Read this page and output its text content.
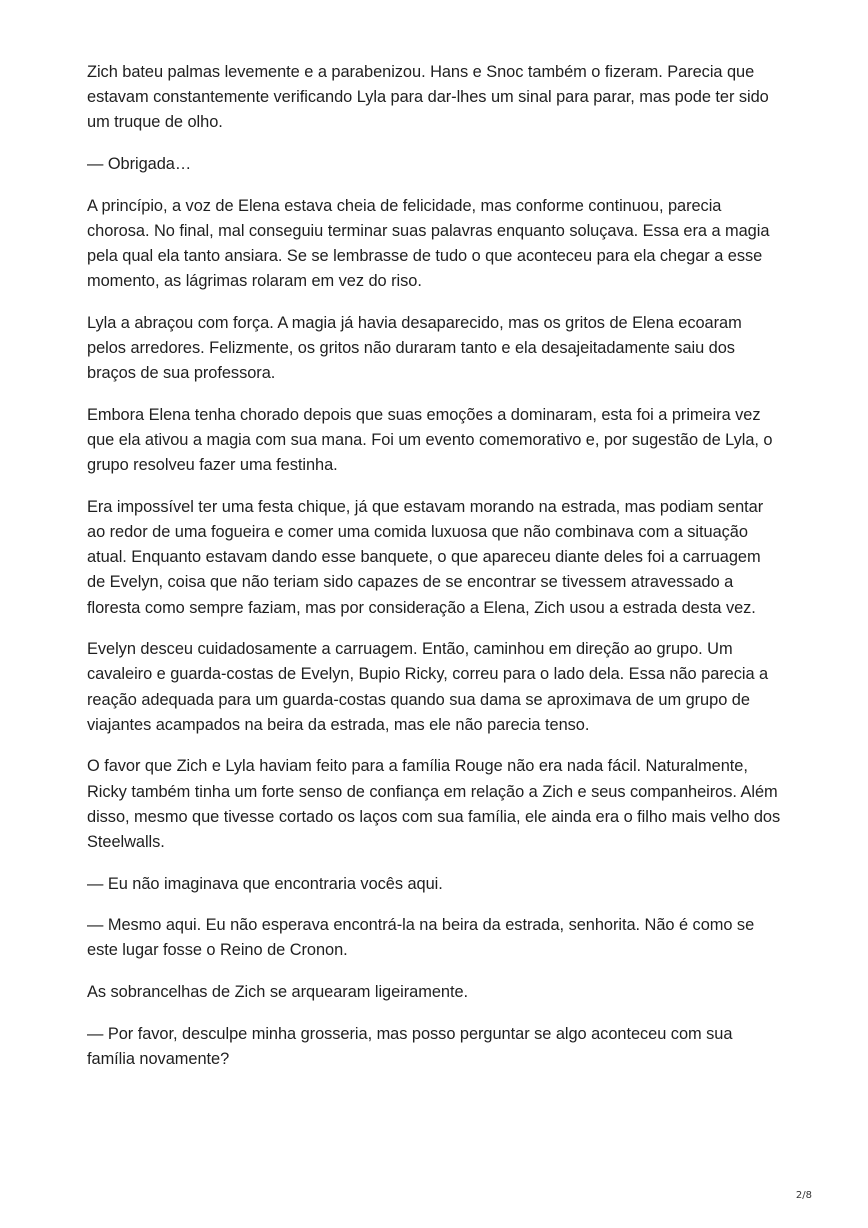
Zich bateu palmas levemente e a parabenizou. Hans e Snoc também o fizeram. Parecia que estavam constantemente verificando Lyla para dar-lhes um sinal para parar, mas pode ter sido um truque de olho.

— Obrigada…

A princípio, a voz de Elena estava cheia de felicidade, mas conforme continuou, parecia chorosa. No final, mal conseguiu terminar suas palavras enquanto soluçava. Essa era a magia pela qual ela tanto ansiara. Se se lembrasse de tudo o que aconteceu para ela chegar a esse momento, as lágrimas rolaram em vez do riso.

Lyla a abraçou com força. A magia já havia desaparecido, mas os gritos de Elena ecoaram pelos arredores. Felizmente, os gritos não duraram tanto e ela desajeitadamente saiu dos braços de sua professora.

Embora Elena tenha chorado depois que suas emoções a dominaram, esta foi a primeira vez que ela ativou a magia com sua mana. Foi um evento comemorativo e, por sugestão de Lyla, o grupo resolveu fazer uma festinha.

Era impossível ter uma festa chique, já que estavam morando na estrada, mas podiam sentar ao redor de uma fogueira e comer uma comida luxuosa que não combinava com a situação atual. Enquanto estavam dando esse banquete, o que apareceu diante deles foi a carruagem de Evelyn, coisa que não teriam sido capazes de se encontrar se tivessem atravessado a floresta como sempre faziam, mas por consideração a Elena, Zich usou a estrada desta vez.

Evelyn desceu cuidadosamente a carruagem. Então, caminhou em direção ao grupo. Um cavaleiro e guarda-costas de Evelyn, Bupio Ricky, correu para o lado dela. Essa não parecia a reação adequada para um guarda-costas quando sua dama se aproximava de um grupo de viajantes acampados na beira da estrada, mas ele não parecia tenso.

O favor que Zich e Lyla haviam feito para a família Rouge não era nada fácil. Naturalmente, Ricky também tinha um forte senso de confiança em relação a Zich e seus companheiros. Além disso, mesmo que tivesse cortado os laços com sua família, ele ainda era o filho mais velho dos Steelwalls.

— Eu não imaginava que encontraria vocês aqui.

— Mesmo aqui. Eu não esperava encontrá-la na beira da estrada, senhorita. Não é como se este lugar fosse o Reino de Cronon.

As sobrancelhas de Zich se arquearam ligeiramente.

— Por favor, desculpe minha grosseria, mas posso perguntar se algo aconteceu com sua família novamente?

2/8
